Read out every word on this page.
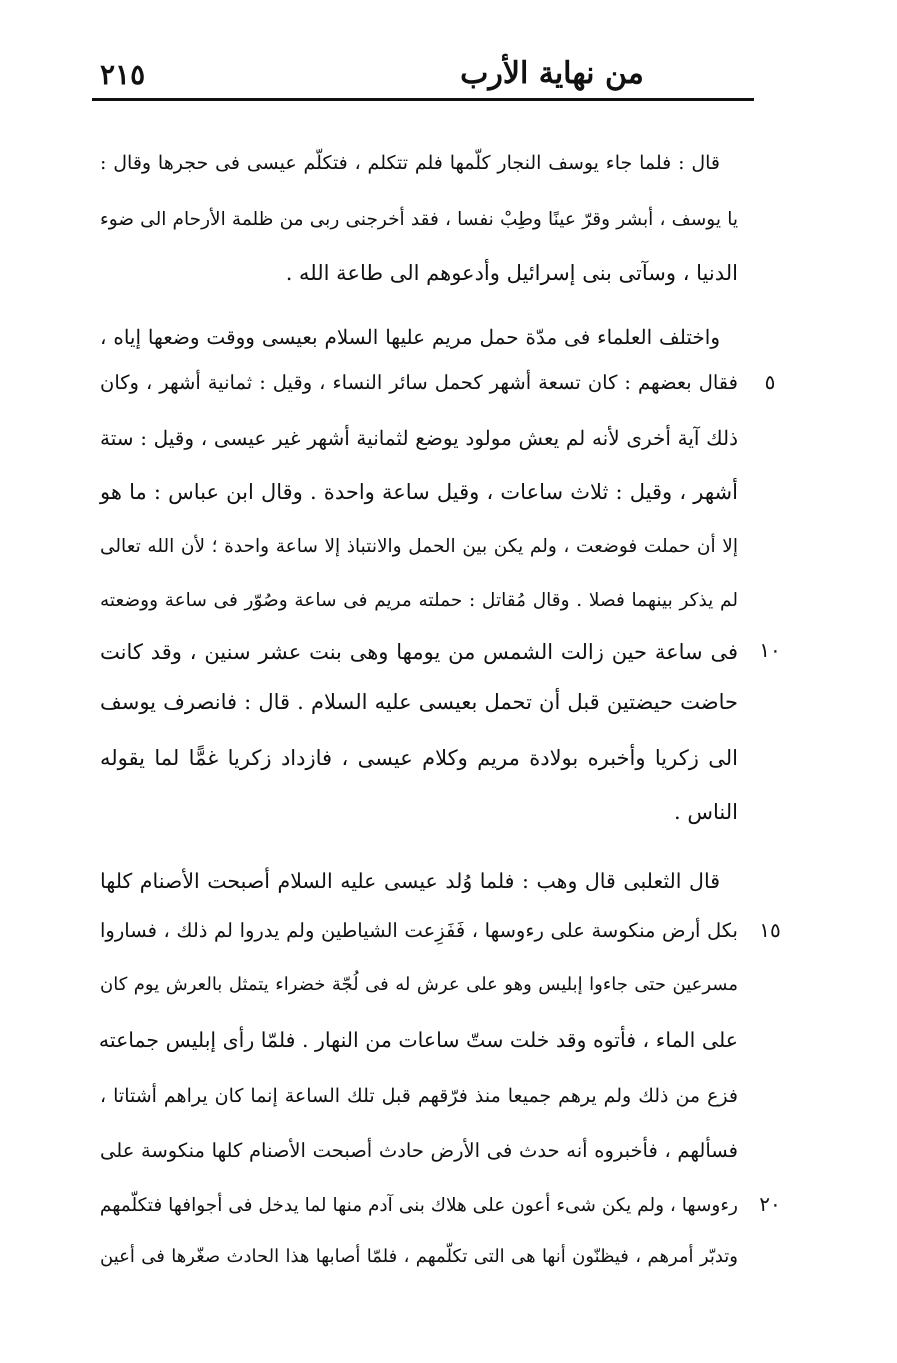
٢١٥	من نهاية الأرب
قال : فلما جاء يوسف النجار كلّمها فلم تتكلم ، فتكلّم عيسى فى حجرها وقال :
يا يوسف ، أبشر وقرّ عينًا وطِبْ نفسا ، فقد أخرجنى ربى من ظلمة الأرحام الى ضوء
الدنيا ، وسآتى بنى إسرائيل وأدعوهم الى طاعة الله .
واختلف العلماء فى مدّة حمل مريم عليها السلام بعيسى ووقت وضعها إياه ،
فقال بعضهم : كان تسعة أشهر كحمل سائر النساء ، وقيل : ثمانية أشهر ، وكان
ذلك آية أخرى لأنه لم يعش مولود يوضع لثمانية أشهر غير عيسى ، وقيل : ستة
أشهر ، وقيل : ثلاث ساعات ، وقيل ساعة واحدة . وقال ابن عباس : ما هو
إلا أن حملت فوضعت ، ولم يكن بين الحمل والانتباذ إلا ساعة واحدة ؛ لأن الله تعالى
لم يذكر بينهما فصلا . وقال مُقاتل : حملته مريم فى ساعة وصُوّر فى ساعة ووضعته
فى ساعة حين زالت الشمس من يومها وهى بنت عشر سنين ، وقد كانت
حاضت حيضتين قبل أن تحمل بعيسى عليه السلام . قال : فانصرف يوسف
الى زكريا وأخبره بولادة مريم وكلام عيسى ، فازداد زكريا غمًّا لما يقوله
الناس .
قال الثعلبى قال وهب : فلما وُلد عيسى عليه السلام أصبحت الأصنام كلها
بكل أرض منكوسة على رءوسها ، فَفَزِعت الشياطين ولم يدروا لم ذلك ، فساروا
مسرعين حتى جاءوا إبليس وهو على عرش له فى لُجّة خضراء يتمثل بالعرش يوم كان
على الماء ، فأتوه وقد خلت ستّ ساعات من النهار . فلمّا رأى إبليس جماعته
فزع من ذلك ولم يرهم جميعا منذ فرّقهم قبل تلك الساعة إنما كان يراهم أشتاتا ،
فسألهم ، فأخبروه أنه حدث فى الأرض حادث أصبحت الأصنام كلها منكوسة على
رءوسها ، ولم يكن شىء أعون على هلاك بنى آدم منها لما يدخل فى أجوافها فتكلّمهم
وتدبّر أمرهم ، فيظنّون أنها هى التى تكلّمهم ، فلمّا أصابها هذا الحادث صغّرها فى أعين
٥
١٠
١٥
٢٠
